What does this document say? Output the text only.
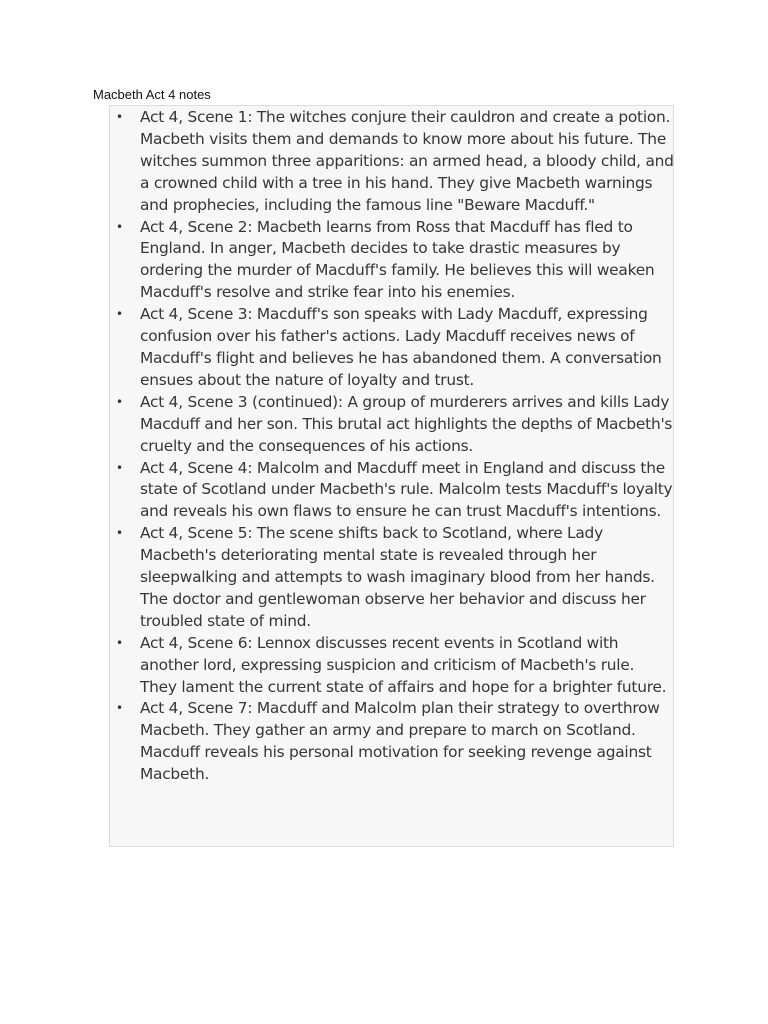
Macbeth Act 4 notes
• Act 4, Scene 1: The witches conjure their cauldron and create a potion. Macbeth visits them and demands to know more about his future. The witches summon three apparitions: an armed head, a bloody child, and a crowned child with a tree in his hand. They give Macbeth warnings and prophecies, including the famous line "Beware Macduff."
• Act 4, Scene 2: Macbeth learns from Ross that Macduff has fled to England. In anger, Macbeth decides to take drastic measures by ordering the murder of Macduff's family. He believes this will weaken Macduff's resolve and strike fear into his enemies.
• Act 4, Scene 3: Macduff's son speaks with Lady Macduff, expressing confusion over his father's actions. Lady Macduff receives news of Macduff's flight and believes he has abandoned them. A conversation ensues about the nature of loyalty and trust.
• Act 4, Scene 3 (continued): A group of murderers arrives and kills Lady Macduff and her son. This brutal act highlights the depths of Macbeth's cruelty and the consequences of his actions.
• Act 4, Scene 4: Malcolm and Macduff meet in England and discuss the state of Scotland under Macbeth's rule. Malcolm tests Macduff's loyalty and reveals his own flaws to ensure he can trust Macduff's intentions.
• Act 4, Scene 5: The scene shifts back to Scotland, where Lady Macbeth's deteriorating mental state is revealed through her sleepwalking and attempts to wash imaginary blood from her hands. The doctor and gentlewoman observe her behavior and discuss her troubled state of mind.
• Act 4, Scene 6: Lennox discusses recent events in Scotland with another lord, expressing suspicion and criticism of Macbeth's rule. They lament the current state of affairs and hope for a brighter future.
• Act 4, Scene 7: Macduff and Malcolm plan their strategy to overthrow Macbeth. They gather an army and prepare to march on Scotland. Macduff reveals his personal motivation for seeking revenge against Macbeth.
